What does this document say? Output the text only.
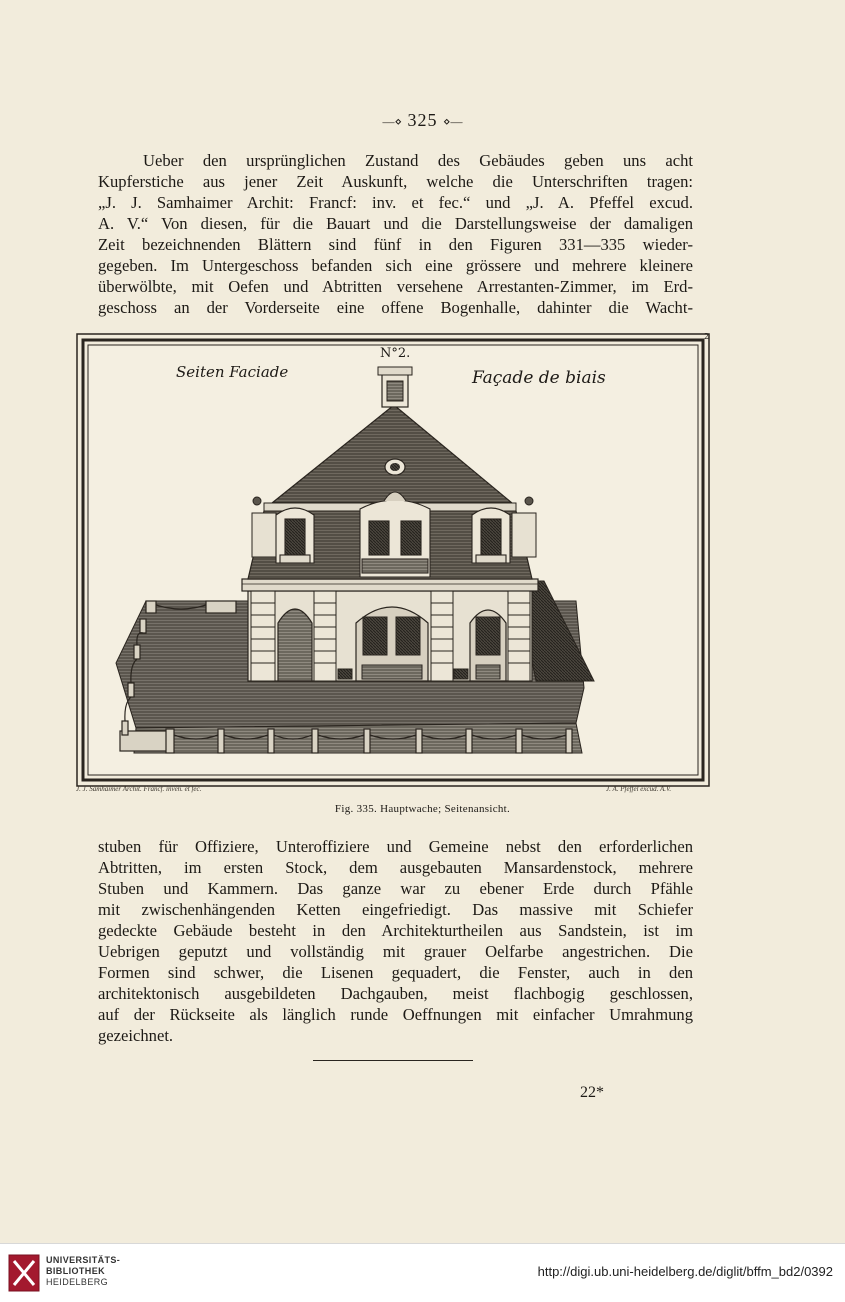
—⋄ 325 ⋄—

Ueber den ursprünglichen Zustand des Gebäudes geben uns acht
Kupferstiche aus jener Zeit Auskunft, welche die Unterschriften tragen:
„J. J. Samhaimer Archit: Francf: inv. et fec.“ und „J. A. Pfeffel excud.
A. V.“ Von diesen, für die Bauart und die Darstellungsweise der damaligen
Zeit bezeichnenden Blättern sind fünf in den Figuren 331—335 wieder-
gegeben. Im Untergeschoss befanden sich eine grössere und mehrere kleinere
überwölbte, mit Oefen und Abtritten versehene Arrestanten-Zimmer, im Erd-
geschoss an der Vorderseite eine offene Bogenhalle, dahinter die Wacht-

Seiten Faciade	Façade de biais
N°2.
2
J. J. Samhaimer Archit. Francf. inven. et fec.	J. A. Pfeffel excud. A.V.
Fig. 335. Hauptwache; Seitenansicht.

stuben für Offiziere, Unteroffiziere und Gemeine nebst den erforderlichen
Abtritten, im ersten Stock, dem ausgebauten Mansardenstock, mehrere
Stuben und Kammern. Das ganze war zu ebener Erde durch Pfähle
mit zwischenhängenden Ketten eingefriedigt. Das massive mit Schiefer
gedeckte Gebäude besteht in den Architekturtheilen aus Sandstein, ist im
Uebrigen geputzt und vollständig mit grauer Oelfarbe angestrichen. Die
Formen sind schwer, die Lisenen gequadert, die Fenster, auch in den
architektonisch ausgebildeten Dachgauben, meist flachbogig geschlossen,
auf der Rückseite als länglich runde Oeffnungen mit einfacher Umrahmung
gezeichnet.

22*
UNIVERSITÄTS-
BIBLIOTHEK
HEIDELBERG
http://digi.ub.uni-heidelberg.de/diglit/bffm_bd2/0392
